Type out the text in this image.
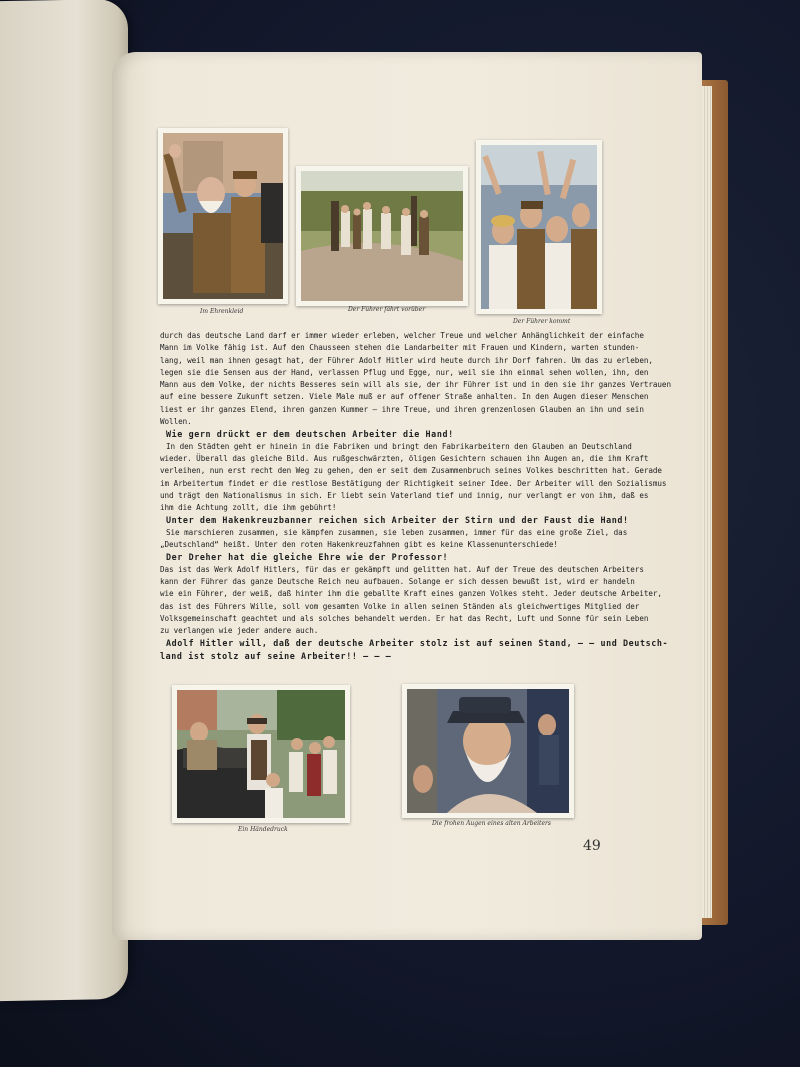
Im Ehrenkleid	Der Führer fährt vorüber
Der Führer kommt

durch das deutsche Land darf er immer wieder erleben, welcher Treue und welcher Anhänglichkeit der einfache

Mann im Volke fähig ist. Auf den Chausseen stehen die Landarbeiter mit Frauen und Kindern, warten stunden-

lang, weil man ihnen gesagt hat, der Führer Adolf Hitler wird heute durch ihr Dorf fahren. Um das zu erleben,

legen sie die Sensen aus der Hand, verlassen Pflug und Egge, nur, weil sie ihn einmal sehen wollen, ihn, den

Mann aus dem Volke, der nichts Besseres sein will als sie, der ihr Führer ist und in den sie ihr ganzes Vertrauen

auf eine bessere Zukunft setzen. Viele Male muß er auf offener Straße anhalten. In den Augen dieser Menschen

liest er ihr ganzes Elend, ihren ganzen Kummer — ihre Treue, und ihren grenzenlosen Glauben an ihn und sein

Wollen.

Wie gern drückt er dem deutschen Arbeiter die Hand!

In den Städten geht er hinein in die Fabriken und bringt den Fabrikarbeitern den Glauben an Deutschland

wieder. Überall das gleiche Bild. Aus rußgeschwärzten, öligen Gesichtern schauen ihn Augen an, die ihm Kraft

verleihen, nun erst recht den Weg zu gehen, den er seit dem Zusammenbruch seines Volkes beschritten hat. Gerade

im Arbeitertum findet er die restlose Bestätigung der Richtigkeit seiner Idee. Der Arbeiter will den Sozialismus

und trägt den Nationalismus in sich. Er liebt sein Vaterland tief und innig, nur verlangt er von ihm, daß es

ihm die Achtung zollt, die ihm gebührt!

Unter dem Hakenkreuzbanner reichen sich Arbeiter der Stirn und der Faust die Hand!

Sie marschieren zusammen, sie kämpfen zusammen, sie leben zusammen, immer für das eine große Ziel, das

„Deutschland“ heißt. Unter den roten Hakenkreuzfahnen gibt es keine Klassenunterschiede!

Der Dreher hat die gleiche Ehre wie der Professor!

Das ist das Werk Adolf Hitlers, für das er gekämpft und gelitten hat. Auf der Treue des deutschen Arbeiters

kann der Führer das ganze Deutsche Reich neu aufbauen. Solange er sich dessen bewußt ist, wird er handeln

wie ein Führer, der weiß, daß hinter ihm die geballte Kraft eines ganzen Volkes steht. Jeder deutsche Arbeiter,

das ist des Führers Wille, soll vom gesamten Volke in allen seinen Ständen als gleichwertiges Mitglied der

Volksgemeinschaft geachtet und als solches behandelt werden. Er hat das Recht, Luft und Sonne für sein Leben

zu verlangen wie jeder andere auch.

Adolf Hitler will, daß der deutsche Arbeiter stolz ist auf seinen Stand, — — und Deutsch-

land ist stolz auf seine Arbeiter!! — — —

Ein Händedruck
Die frohen Augen eines alten Arbeiters
49
